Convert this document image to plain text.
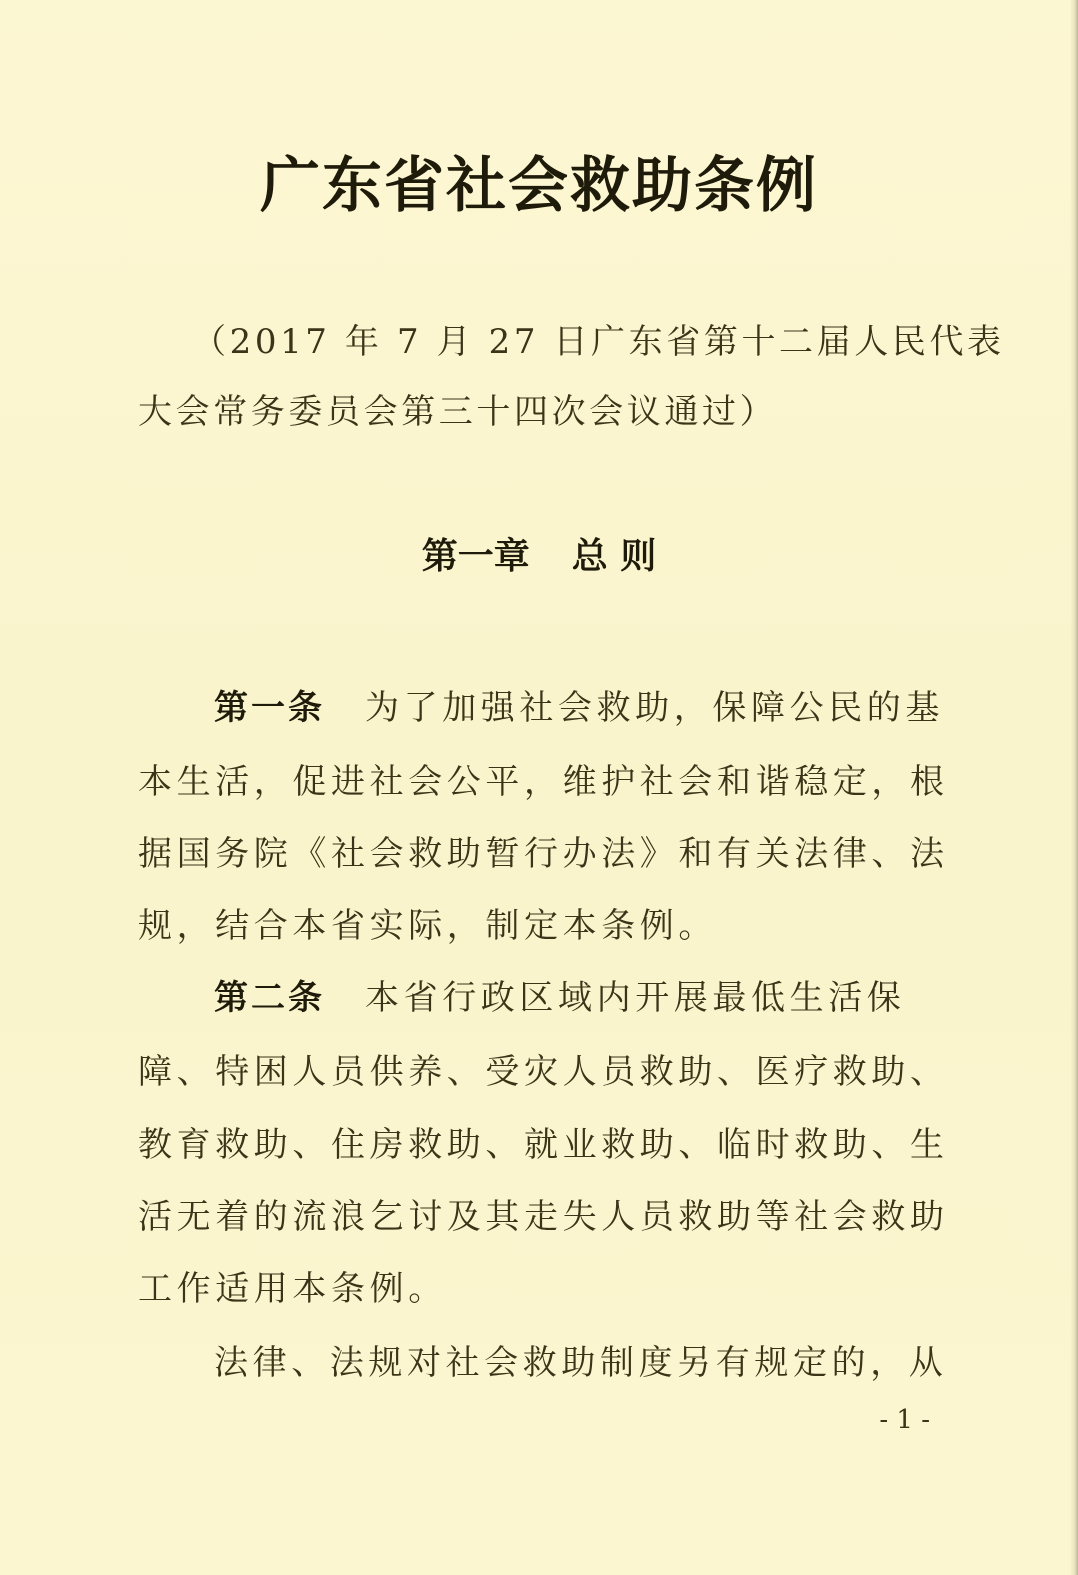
广东省社会救助条例
（2017 年 7 月 27 日广东省第十二届人民代表
大会常务委员会第三十四次会议通过）
第一章 总 则
第一条 为了加强社会救助，保障公民的基
本生活，促进社会公平，维护社会和谐稳定，根
据国务院《社会救助暂行办法》和有关法律、法
规，结合本省实际，制定本条例。
第二条 本省行政区域内开展最低生活保
障、特困人员供养、受灾人员救助、医疗救助、
教育救助、住房救助、就业救助、临时救助、生
活无着的流浪乞讨及其走失人员救助等社会救助
工作适用本条例。
法律、法规对社会救助制度另有规定的，从
- 1 -
